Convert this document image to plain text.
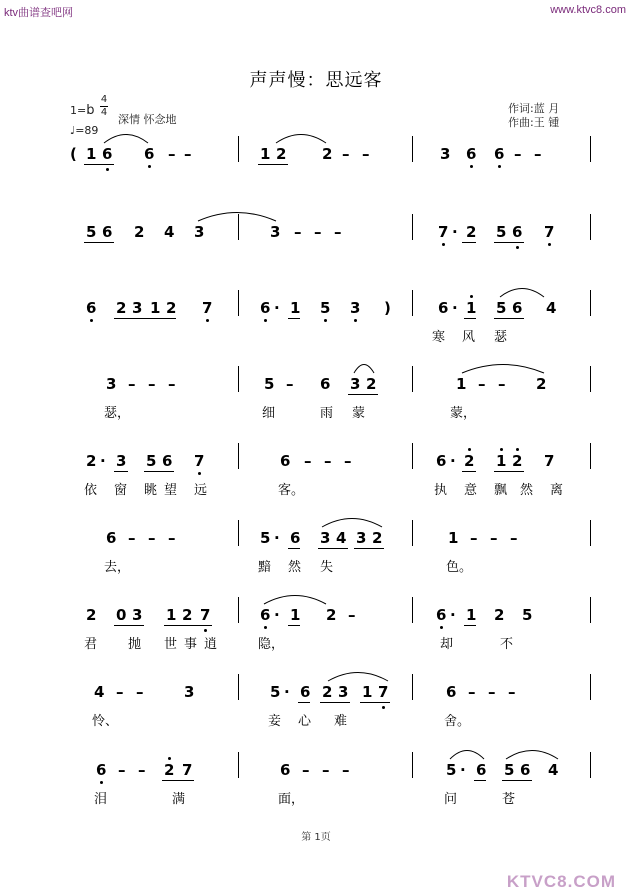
ktv曲谱查吧网	www.ktvc8.com
声声慢：思远客
1=b
4
4
深情 怀念地
♩=89
作词:蓝 月
作曲:王 锺
( 1 6 6 – –	1 2 2 – –	3 6 6 – –
5 6 2 4 3	3 – – –	7 · 2 5 6 7
6 2 3 1 2 7	6 · 1 5 3 )	6 · 1 5 6 4
寒 风 瑟
3 – – –	5 – 6 3 2	1 – – 2
瑟，	细	雨 蒙	蒙，
2 · 3 5 6 7	6 – – –	6 · 2 1 2 7
依 窗 眺 望 远	客。	执 意 飘 然 离
6 – – –	5 · 6 3 4 3 2	1 – – –
去，	黯 然 失	色。
2 0 3 1 2 7	6 · 1 2 –	6 · 1 2 5
君 抛 世 事 逍	隐，	却	不
4 – –	3	5 · 6 2 3 1 7	6 – – –
怜、	妾 心 难	舍。
6 – – 2 7	6 – – –	5 · 6 5 6 4
泪	满	面，	问	苍
第 1页
KTVC8.COM
